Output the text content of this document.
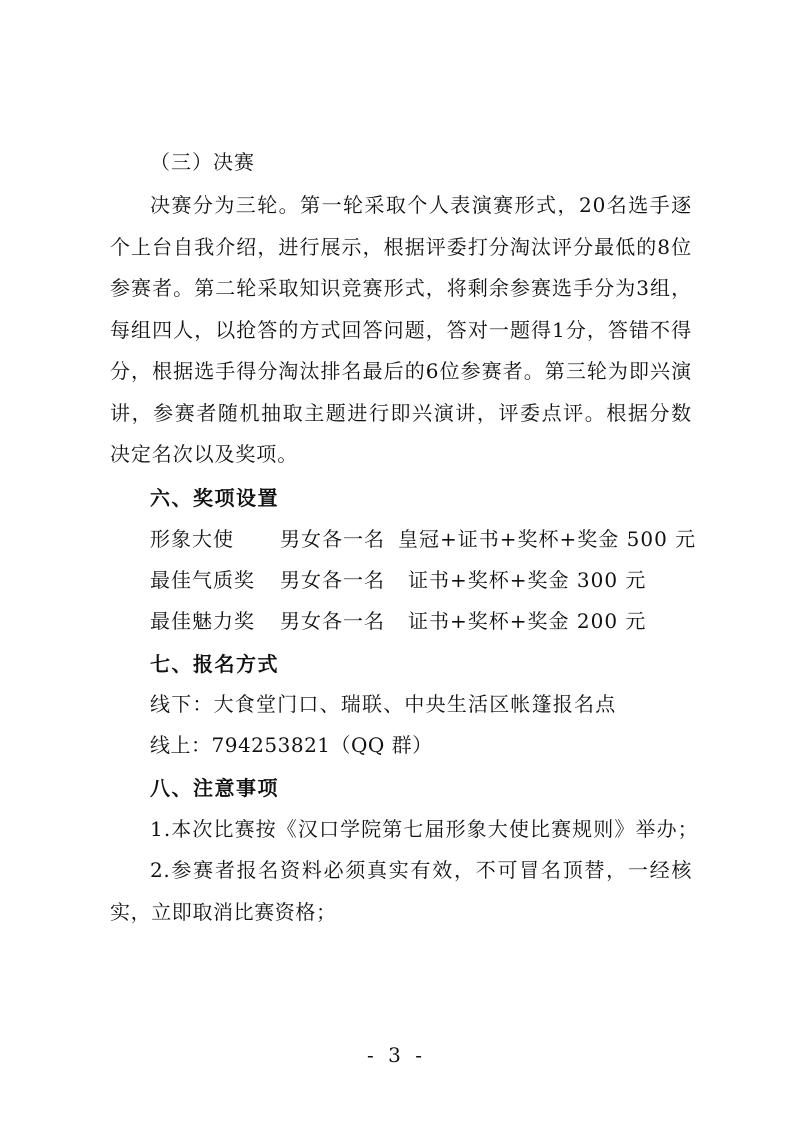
（三）决赛
决赛分为三轮。第一轮采取个人表演赛形式，20名选手逐个上台自我介绍，进行展示，根据评委打分淘汰评分最低的8位参赛者。第二轮采取知识竞赛形式，将剩余参赛选手分为3组，每组四人，以抢答的方式回答问题，答对一题得1分，答错不得分，根据选手得分淘汰排名最后的6位参赛者。第三轮为即兴演讲，参赛者随机抽取主题进行即兴演讲，评委点评。根据分数决定名次以及奖项。
六、奖项设置
形象大使 男女各一名 皇冠+证书+奖杯+奖金 500 元
最佳气质奖 男女各一名 证书+奖杯+奖金 300 元
最佳魅力奖 男女各一名 证书+奖杯+奖金 200 元
七、报名方式
线下：大食堂门口、瑞联、中央生活区帐篷报名点
线上：794253821（QQ 群）
八、注意事项
1.本次比赛按《汉口学院第七届形象大使比赛规则》举办；
2.参赛者报名资料必须真实有效，不可冒名顶替，一经核实，立即取消比赛资格；
- 3 -
